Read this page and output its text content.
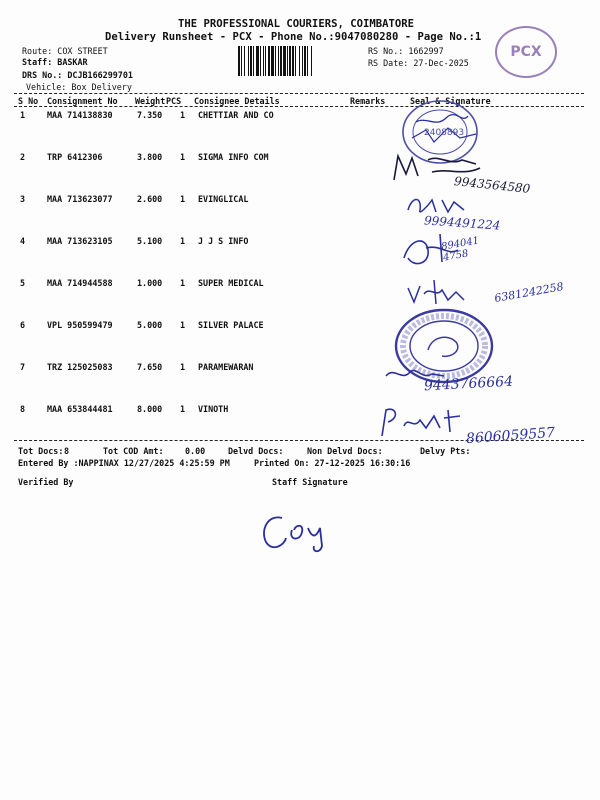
THE PROFESSIONAL COURIERS, COIMBATORE
Delivery Runsheet - PCX - Phone No.:9047080280 - Page No.:1
Route: COX STREET
Staff: BASKAR
DRS No.: DCJB166299701
Vehicle: Box Delivery
RS No.: 1662997
RS Date: 27-Dec-2025
PCX
S No Consignment No Weight PCS Consignee Details	Remarks	Seal & Signature
1	MAA 714138830	7.350 1 CHETTIAR AND CO
2	TRP 6412306	3.800 1 SIGMA INFO COM
3	MAA 713623077	2.600 1 EVINGLICAL
4	MAA 713623105	5.100 1 J J S INFO
5	MAA 714944588	1.000 1 SUPER MEDICAL
6	VPL 950599479	5.000 1 SILVER PALACE
7	TRZ 125025083	7.650 1 PARAMEWARAN
8	MAA 653844481	8.000 1 VINOTH
Tot Docs: 8	Tot COD Amt:	0.00	Delvd Docs:	Non Delvd Docs:	Delvy Pts:
Entered By :NAPPINAX 12/27/2025 4:25:59 PM	Printed On: 27-12-2025 16:30:16
Verified By	Staff Signature
2408893
9943564580
9994491224
8940414758
6381242258
9443766664
8606059557
